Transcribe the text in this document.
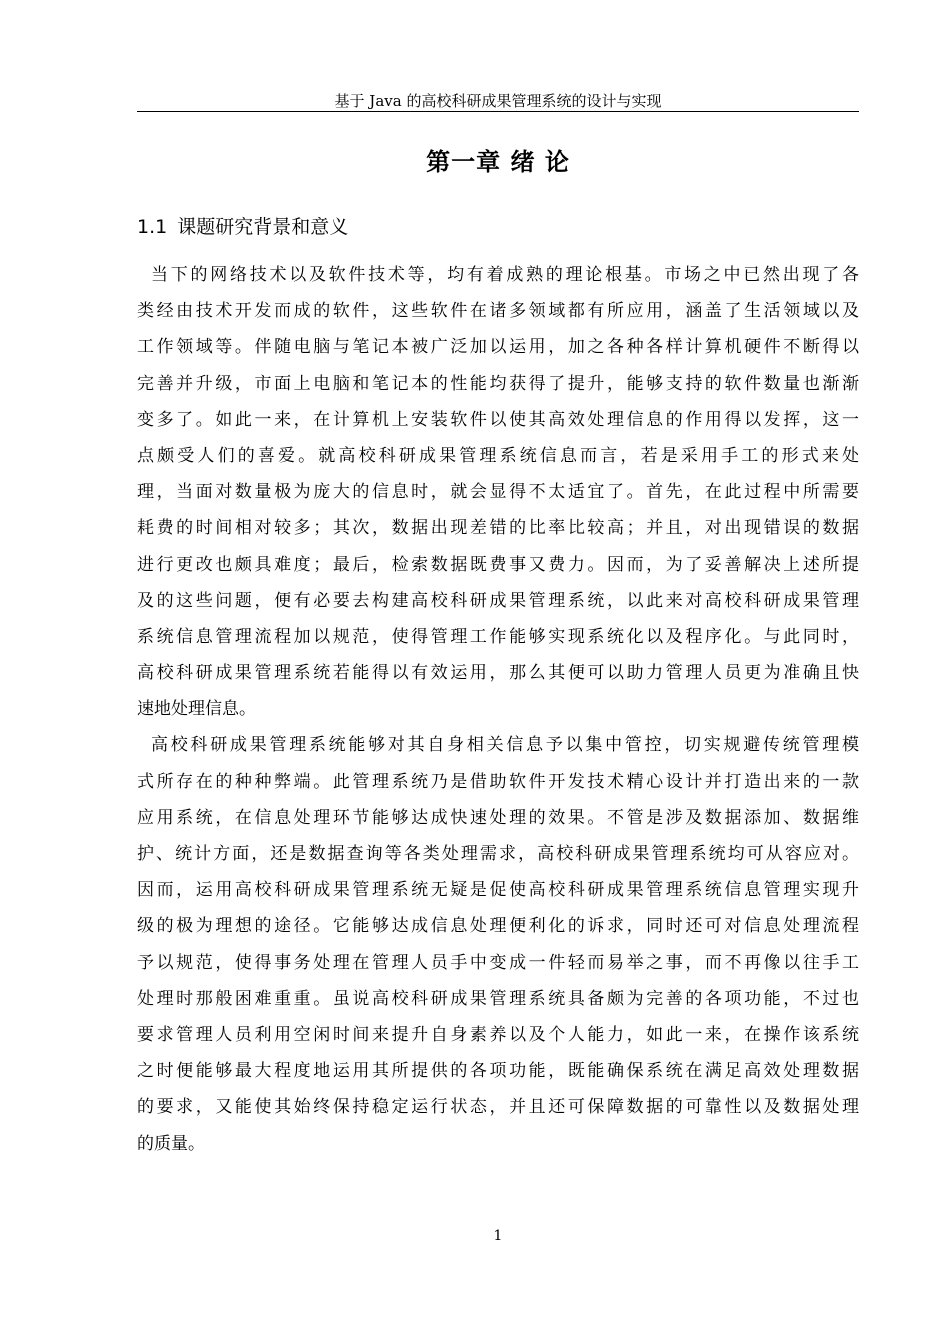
基于 Java 的高校科研成果管理系统的设计与实现
第一章 绪 论
1.1 课题研究背景和意义
当下的网络技术以及软件技术等，均有着成熟的理论根基。市场之中已然出现了各
类经由技术开发而成的软件，这些软件在诸多领域都有所应用，涵盖了生活领域以及
工作领域等。伴随电脑与笔记本被广泛加以运用，加之各种各样计算机硬件不断得以
完善并升级，市面上电脑和笔记本的性能均获得了提升，能够支持的软件数量也渐渐
变多了。如此一来，在计算机上安装软件以使其高效处理信息的作用得以发挥，这一
点颇受人们的喜爱。就高校科研成果管理系统信息而言，若是采用手工的形式来处
理，当面对数量极为庞大的信息时，就会显得不太适宜了。首先，在此过程中所需要
耗费的时间相对较多；其次，数据出现差错的比率比较高；并且，对出现错误的数据
进行更改也颇具难度；最后，检索数据既费事又费力。因而，为了妥善解决上述所提
及的这些问题，便有必要去构建高校科研成果管理系统，以此来对高校科研成果管理
系统信息管理流程加以规范，使得管理工作能够实现系统化以及程序化。与此同时，
高校科研成果管理系统若能得以有效运用，那么其便可以助力管理人员更为准确且快
速地处理信息。
高校科研成果管理系统能够对其自身相关信息予以集中管控，切实规避传统管理模
式所存在的种种弊端。此管理系统乃是借助软件开发技术精心设计并打造出来的一款
应用系统，在信息处理环节能够达成快速处理的效果。不管是涉及数据添加、数据维
护、统计方面，还是数据查询等各类处理需求，高校科研成果管理系统均可从容应对。
因而，运用高校科研成果管理系统无疑是促使高校科研成果管理系统信息管理实现升
级的极为理想的途径。它能够达成信息处理便利化的诉求，同时还可对信息处理流程
予以规范，使得事务处理在管理人员手中变成一件轻而易举之事，而不再像以往手工
处理时那般困难重重。虽说高校科研成果管理系统具备颇为完善的各项功能，不过也
要求管理人员利用空闲时间来提升自身素养以及个人能力，如此一来，在操作该系统
之时便能够最大程度地运用其所提供的各项功能，既能确保系统在满足高效处理数据
的要求，又能使其始终保持稳定运行状态，并且还可保障数据的可靠性以及数据处理
的质量。
1
